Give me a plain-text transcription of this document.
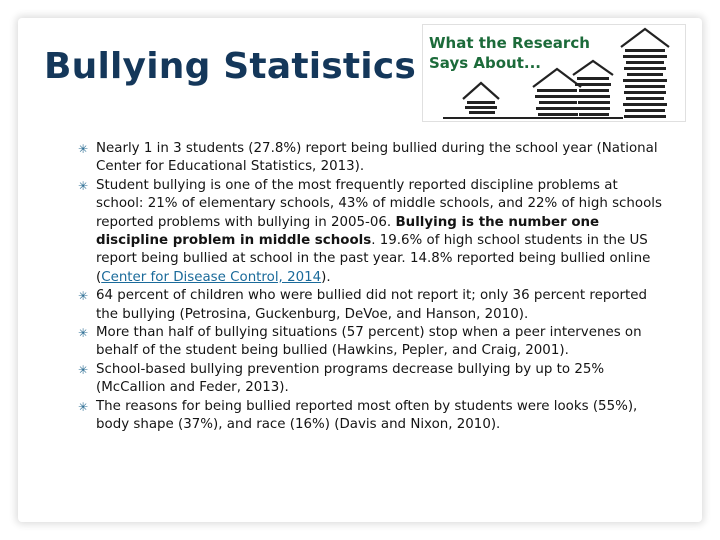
Bullying Statistics
What the Research
Says About...
✳ Nearly 1 in 3 students (27.8%) report being bullied during the school year (National Center for Educational Statistics, 2013).
✳ Student bullying is one of the most frequently reported discipline problems at school: 21% of elementary schools, 43% of middle schools, and 22% of high schools reported problems with bullying in 2005-06. Bullying is the number one discipline problem in middle schools. 19.6% of high school students in the US report being bullied at school in the past year. 14.8% reported being bullied online (Center for Disease Control, 2014).
✳ 64 percent of children who were bullied did not report it; only 36 percent reported the bullying (Petrosina, Guckenburg, DeVoe, and Hanson, 2010).
✳ More than half of bullying situations (57 percent) stop when a peer intervenes on behalf of the student being bullied (Hawkins, Pepler, and Craig, 2001).
✳ School-based bullying prevention programs decrease bullying by up to 25% (McCallion and Feder, 2013).
✳ The reasons for being bullied reported most often by students were looks (55%), body shape (37%), and race (16%) (Davis and Nixon, 2010).
